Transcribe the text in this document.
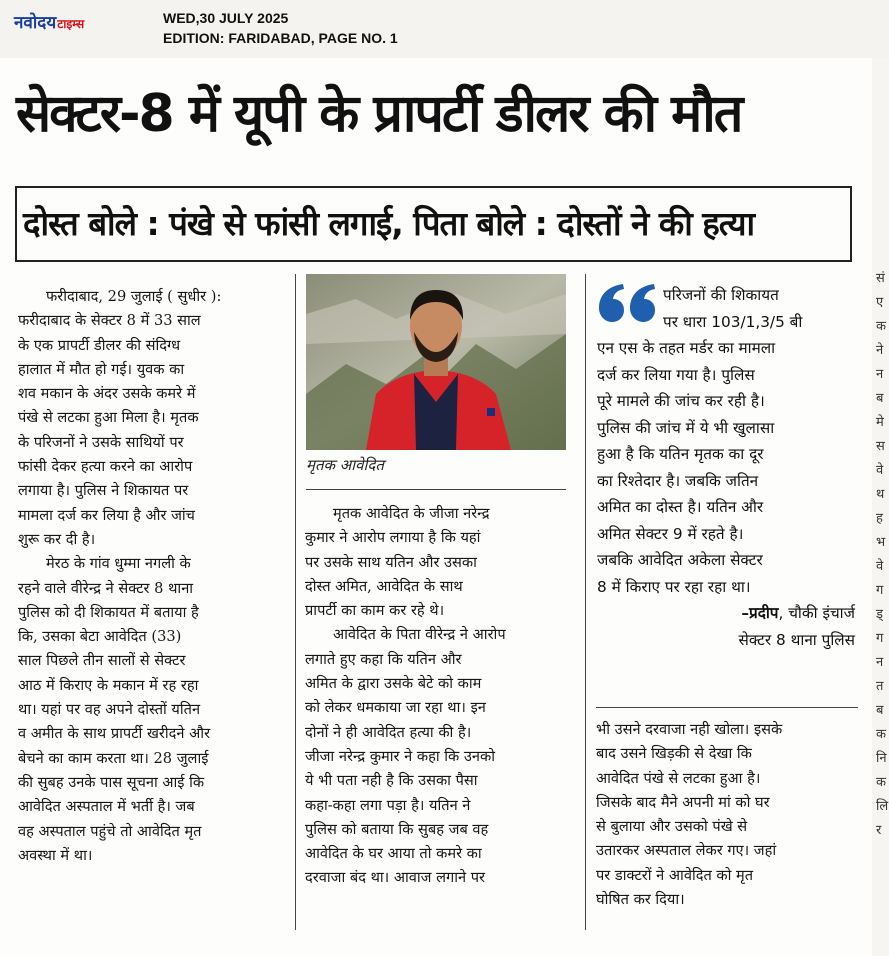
नवोदयटाइम्स	WED,30 JULY 2025
EDITION: FARIDABAD, PAGE NO. 1
सं
ए
क
ने
न
ब
मे
स
वे
थ
ह
भ
वे
ग
ड्
ग
न
त
ब
क
नि
क
लि
र
सेक्टर-8 में यूपी के प्रापर्टी डीलर की मौत
दोस्त बोले : पंखे से फांसी लगाई, पिता बोले : दोस्तों ने की हत्या
फरीदाबाद, 29 जुलाई ( सुधीर ):
फरीदाबाद के सेक्टर 8 में 33 साल
के एक प्रापर्टी डीलर की संदिग्ध
हालात में मौत हो गई। युवक का
शव मकान के अंदर उसके कमरे में
पंखे से लटका हुआ मिला है। मृतक
के परिजनों ने उसके साथियों पर
फांसी देकर हत्या करने का आरोप
लगाया है। पुलिस ने शिकायत पर
मामला दर्ज कर लिया है और जांच
शुरू कर दी है।
मेरठ के गांव धुम्मा नगली के
रहने वाले वीरेन्द्र ने सेक्टर 8 थाना
पुलिस को दी शिकायत में बताया है
कि, उसका बेटा आवेदित (33)
साल पिछले तीन सालों से सेक्टर
आठ में किराए के मकान में रह रहा
था। यहां पर वह अपने दोस्तों यतिन
व अमीत के साथ प्रापर्टी खरीदने और
बेचने का काम करता था। 28 जुलाई
की सुबह उनके पास सूचना आई कि
आवेदित अस्पताल में भर्ती है। जब
वह अस्पताल पहुंचे तो आवेदित मृत
अवस्था में था।
मृतक आवेदित
मृतक आवेदित के जीजा नरेन्द्र
कुमार ने आरोप लगाया है कि यहां
पर उसके साथ यतिन और उसका
दोस्त अमित, आवेदित के साथ
प्रापर्टी का काम कर रहे थे।
आवेदित के पिता वीरेन्द्र ने आरोप
लगाते हुए कहा कि यतिन और
अमित के द्वारा उसके बेटे को काम
को लेकर धमकाया जा रहा था। इन
दोनों ने ही आवेदित हत्या की है।
जीजा नरेन्द्र कुमार ने कहा कि उनको
ये भी पता नही है कि उसका पैसा
कहा-कहा लगा पड़ा है। यतिन ने
पुलिस को बताया कि सुबह जब वह
आवेदित के घर आया तो कमरे का
दरवाजा बंद था। आवाज लगाने पर
परिजनों की शिकायत
पर धारा 103/1,3/5 बी
एन एस के तहत मर्डर का मामला
दर्ज कर लिया गया है। पुलिस
पूरे मामले की जांच कर रही है।
पुलिस की जांच में ये भी खुलासा
हुआ है कि यतिन मृतक का दूर
का रिश्तेदार है। जबकि जतिन
अमित का दोस्त है। यतिन और
अमित सेक्टर 9 में रहते है।
जबकि आवेदित अकेला सेक्टर
8 में किराए पर रहा रहा था।
–प्रदीप, चौकी इंचार्ज
सेक्टर 8 थाना पुलिस
भी उसने दरवाजा नही खोला। इसके
बाद उसने खिड़की से देखा कि
आवेदित पंखे से लटका हुआ है।
जिसके बाद मैने अपनी मां को घर
से बुलाया और उसको पंखे से
उतारकर अस्पताल लेकर गए। जहां
पर डाक्टरों ने आवेदित को मृत
घोषित कर दिया।
